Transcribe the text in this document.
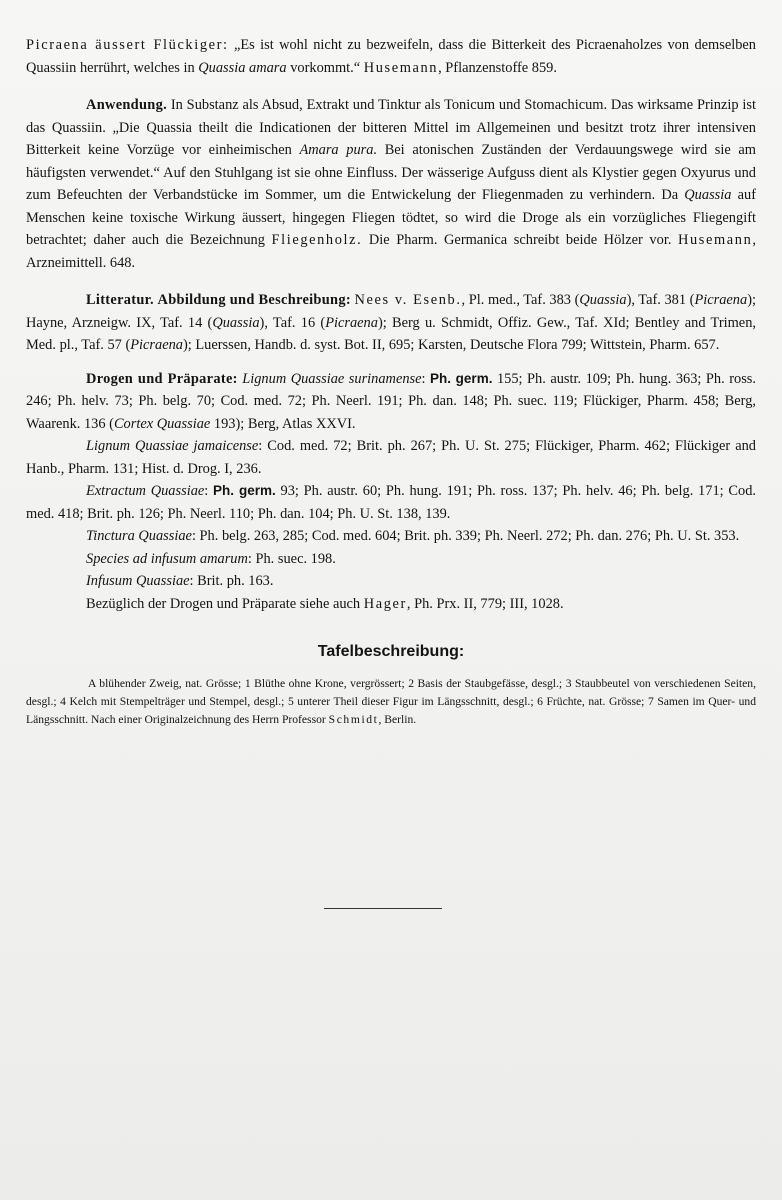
Picraena äussert Flückiger: „Es ist wohl nicht zu bezweifeln, dass die Bitterkeit des Picraenaholzes von demselben Quassiin herrührt, welches in Quassia amara vorkommt.“ Husemann, Pflanzenstoffe 859.

Anwendung. In Substanz als Absud, Extrakt und Tinktur als Tonicum und Stomachicum. Das wirksame Prinzip ist das Quassiin. „Die Quassia theilt die Indicationen der bitteren Mittel im Allgemeinen und besitzt trotz ihrer intensiven Bitterkeit keine Vorzüge vor einheimischen Amara pura. Bei atonischen Zuständen der Verdauungswege wird sie am häufigsten verwendet.“ Auf den Stuhlgang ist sie ohne Einfluss. Der wässerige Aufguss dient als Klystier gegen Oxyurus und zum Befeuchten der Verbandstücke im Sommer, um die Entwickelung der Fliegenmaden zu verhindern. Da Quassia auf Menschen keine toxische Wirkung äussert, hingegen Fliegen tödtet, so wird die Droge als ein vorzügliches Fliegengift betrachtet; daher auch die Bezeichnung Fliegenholz. Die Pharm. Germanica schreibt beide Hölzer vor. Husemann, Arzneimittell. 648.

Litteratur. Abbildung und Beschreibung: Nees v. Esenb., Pl. med., Taf. 383 (Quassia), Taf. 381 (Picraena); Hayne, Arzneigw. IX, Taf. 14 (Quassia), Taf. 16 (Picraena); Berg u. Schmidt, Offiz. Gew., Taf. XId; Bentley and Trimen, Med. pl., Taf. 57 (Picraena); Luerssen, Handb. d. syst. Bot. II, 695; Karsten, Deutsche Flora 799; Wittstein, Pharm. 657.

Drogen und Präparate: Lignum Quassiae surinamense: Ph. germ. 155; Ph. austr. 109; Ph. hung. 363; Ph. ross. 246; Ph. helv. 73; Ph. belg. 70; Cod. med. 72; Ph. Neerl. 191; Ph. dan. 148; Ph. suec. 119; Flückiger, Pharm. 458; Berg, Waarenk. 136 (Cortex Quassiae 193); Berg, Atlas XXVI.

Lignum Quassiae jamaicense: Cod. med. 72; Brit. ph. 267; Ph. U. St. 275; Flückiger, Pharm. 462; Flückiger and Hanb., Pharm. 131; Hist. d. Drog. I, 236.

Extractum Quassiae: Ph. germ. 93; Ph. austr. 60; Ph. hung. 191; Ph. ross. 137; Ph. helv. 46; Ph. belg. 171; Cod. med. 418; Brit. ph. 126; Ph. Neerl. 110; Ph. dan. 104; Ph. U. St. 138, 139.

Tinctura Quassiae: Ph. belg. 263, 285; Cod. med. 604; Brit. ph. 339; Ph. Neerl. 272; Ph. dan. 276; Ph. U. St. 353.

Species ad infusum amarum: Ph. suec. 198.

Infusum Quassiae: Brit. ph. 163.

Bezüglich der Drogen und Präparate siehe auch Hager, Ph. Prx. II, 779; III, 1028.

Tafelbeschreibung:

A blühender Zweig, nat. Grösse; 1 Blüthe ohne Krone, vergrössert; 2 Basis der Staubgefässe, desgl.; 3 Staubbeutel von verschiedenen Seiten, desgl.; 4 Kelch mit Stempelträger und Stempel, desgl.; 5 unterer Theil dieser Figur im Längsschnitt, desgl.; 6 Früchte, nat. Grösse; 7 Samen im Quer- und Längsschnitt. Nach einer Originalzeichnung des Herrn Professor Schmidt, Berlin.
